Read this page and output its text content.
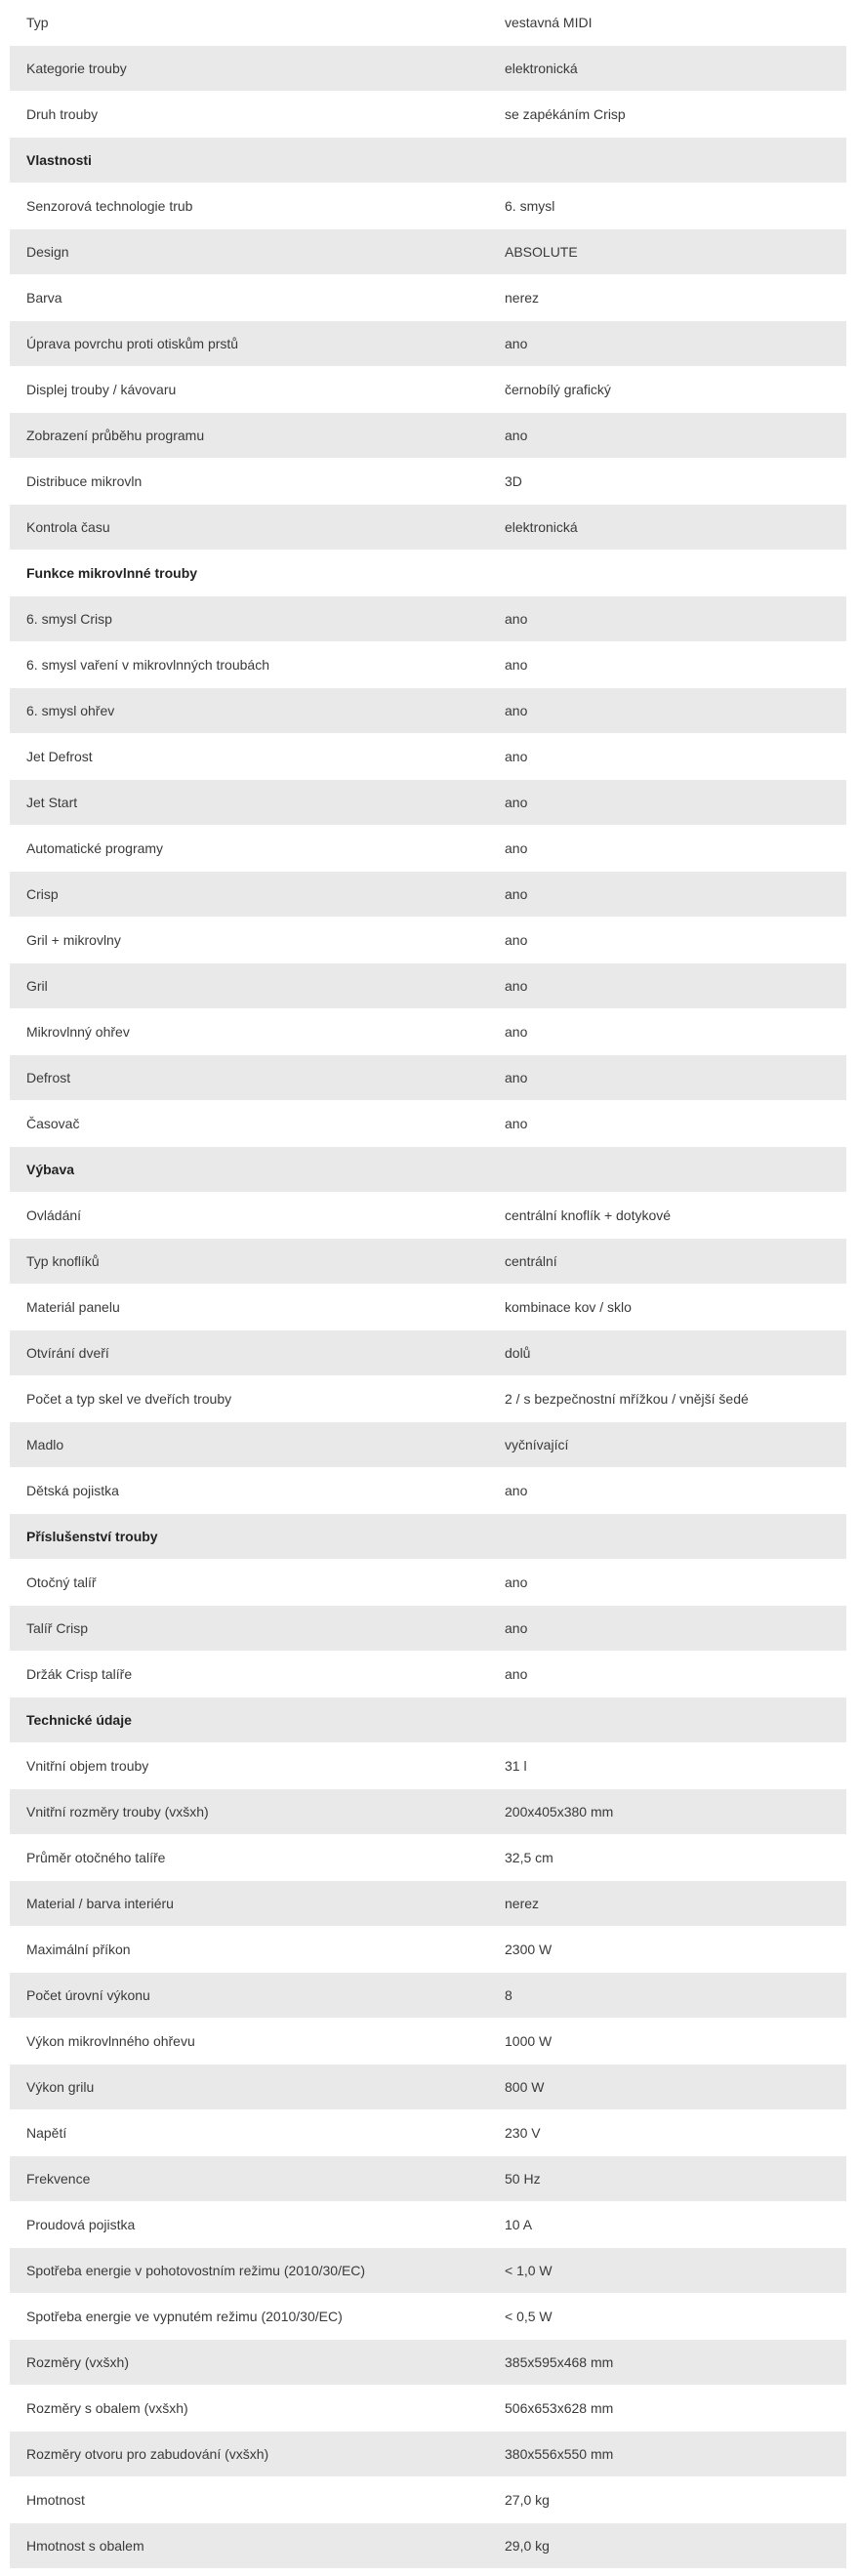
Typ	vestavná MIDI
Kategorie trouby	elektronická
Druh trouby	se zapékáním Crisp
Vlastnosti
Senzorová technologie trub	6. smysl
Design	ABSOLUTE
Barva	nerez
Úprava povrchu proti otiskům prstů	ano
Displej trouby / kávovaru	černobílý grafický
Zobrazení průběhu programu	ano
Distribuce mikrovln	3D
Kontrola času	elektronická
Funkce mikrovlnné trouby
6. smysl Crisp	ano
6. smysl vaření v mikrovlnných troubách	ano
6. smysl ohřev	ano
Jet Defrost	ano
Jet Start	ano
Automatické programy	ano
Crisp	ano
Gril + mikrovlny	ano
Gril	ano
Mikrovlnný ohřev	ano
Defrost	ano
Časovač	ano
Výbava
Ovládání	centrální knoflík + dotykové
Typ knoflíků	centrální
Materiál panelu	kombinace kov / sklo
Otvírání dveří	dolů
Počet a typ skel ve dveřích trouby	2 / s bezpečnostní mřížkou / vnější šedé
Madlo	vyčnívající
Dětská pojistka	ano
Příslušenství trouby
Otočný talíř	ano
Talíř Crisp	ano
Držák Crisp talíře	ano
Technické údaje
Vnitřní objem trouby	31 l
Vnitřní rozměry trouby (vxšxh)	200x405x380 mm
Průměr otočného talíře	32,5 cm
Material / barva interiéru	nerez
Maximální příkon	2300 W
Počet úrovní výkonu	8
Výkon mikrovlnného ohřevu	1000 W
Výkon grilu	800 W
Napětí	230 V
Frekvence	50 Hz
Proudová pojistka	10 A
Spotřeba energie v pohotovostním režimu (2010/30/EC)	< 1,0 W
Spotřeba energie ve vypnutém režimu (2010/30/EC)	< 0,5 W
Rozměry (vxšxh)	385x595x468 mm
Rozměry s obalem (vxšxh)	506x653x628 mm
Rozměry otvoru pro zabudování (vxšxh)	380x556x550 mm
Hmotnost	27,0 kg
Hmotnost s obalem	29,0 kg
